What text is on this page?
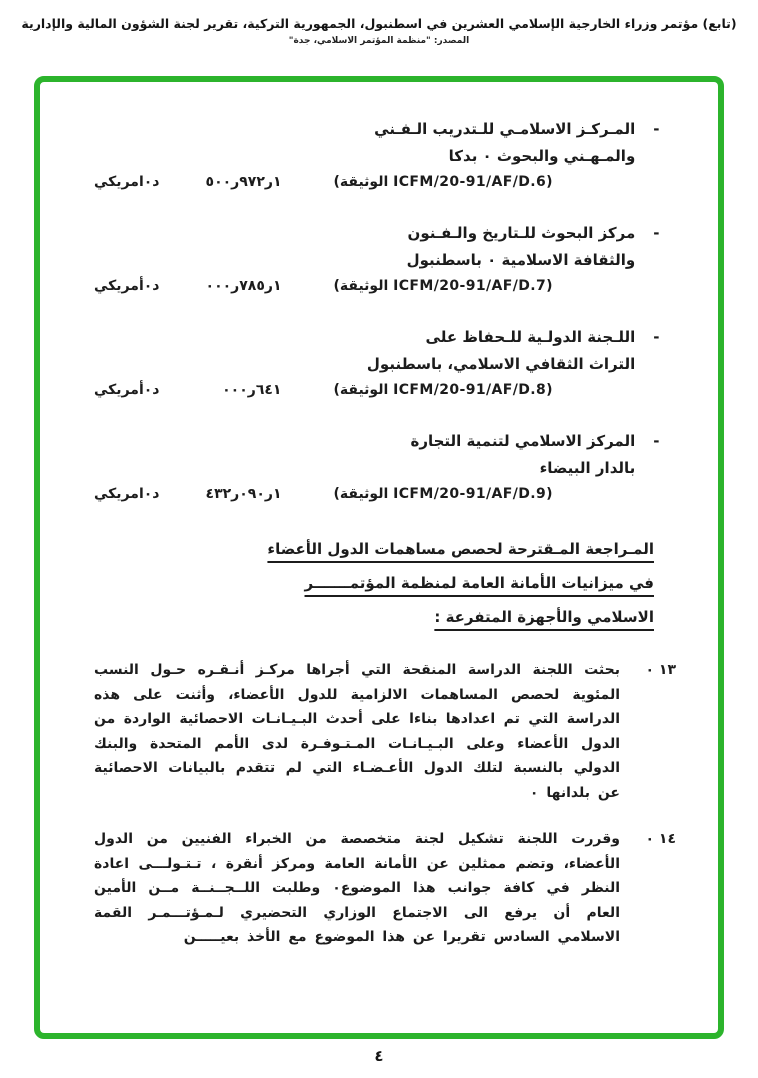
(تابع) مؤتمر وزراء الخارجية الإسلامي العشرين في اسطنبول، الجمهورية التركية، تقرير لجنة الشؤون المالية والإدارية
المصدر: "منظمة المؤتمر الاسلامي، جدة"
-
المـركـز الاسلامـي للـتدريب الـفـني
والمـهـني والبحوث ٠ بدكا
د٠امريكي	١ر٩٧٢ر٥٠٠	(الوثيقة ICFM/20-91/AF/D.6)
-
مركز البحوث للـتاريخ والـفـنون
والثقافة الاسلامية ٠ باسطنبول
د٠أمريكي	١ر٧٨٥ر٠٠٠	(الوثيقة ICFM/20-91/AF/D.7)
-
اللـجنة الدولـية للـحفاظ على
التراث الثقافي الاسلامي، باسطنبول
د٠أمريكي	٦٤١ر٠٠٠	(الوثيقة ICFM/20-91/AF/D.8)
-
المركز الاسلامي لتنمية التجارة
بالدار البيضاء
د٠امريكي	١ر٠٩٠ر٤٣٢	(الوثيقة ICFM/20-91/AF/D.9)
المـراجعة المـقترحة لحصص مساهمات الدول الأعضاء
في ميزانيات الأمانة العامة لمنظمة المؤتمـــــــر
الاسلامي والأجهزة المتفرعة :
١٣ ٠

بحثت اللجنة الدراسة المنقحة التي أجراها مركـز أنـقـره حـول النسب المئوية لحصص المساهمات الالزامية للدول الأعضاء، وأثنت على هذه الدراسة التي تم اعدادها بناءا على أحدث البـيـانـات الاحصائية الواردة من الدول الأعضاء وعلى البـيـانـات المـتـوفـرة لدى الأمم المتحدة والبنك الدولي بالنسبة لتلك الدول الأعـضـاء التي لم تتقدم بالبيانات الاحصائية عن بلدانها ٠

١٤ ٠

وقررت اللجنة تشكيل لجنة متخصصة من الخبراء الفنيين من الدول الأعضاء، وتضم ممثلين عن الأمانة العامة ومركز أنقرة ، تـتـولـــى اعادة النظر في كافة جوانب هذا الموضوع٠ وطلبت اللــجــنــة مــن الأمين العام أن يرفع الى الاجتماع الوزاري التحضيري لـمـؤتـــمـر القمة الاسلامي السادس تقريرا عن هذا الموضوع مع الأخذ بعيـــــن

٤
